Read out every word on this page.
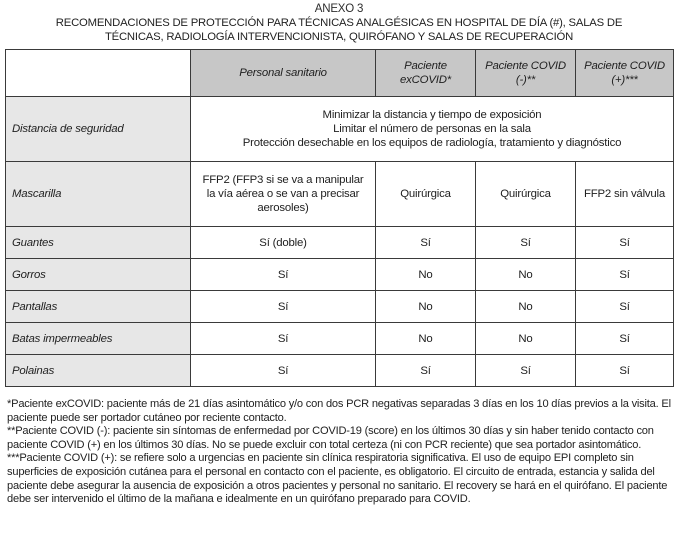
ANEXO 3
RECOMENDACIONES DE PROTECCIÓN PARA TÉCNICAS ANALGÉSICAS EN HOSPITAL DE DÍA (#), SALAS DE
TÉCNICAS, RADIOLOGÍA INTERVENCIONISTA, QUIRÓFANO Y SALAS DE RECUPERACIÓN
	Personal sanitario	Paciente exCOVID*	Paciente COVID (-)**	Paciente COVID (+)***
Distancia de seguridad	Minimizar la distancia y tiempo de exposición
Limitar el número de personas en la sala
Protección desechable en los equipos de radiología, tratamiento y diagnóstico			

Mascarilla	FFP2 (FFP3 si se va a manipular la vía aérea o se van a precisar aerosoles)	Quirúrgica	Quirúrgica	FFP2 sin válvula
Guantes	Sí (doble)	Sí	Sí	Sí
Gorros	Sí	No	No	Sí
Pantallas	Sí	No	No	Sí
Batas impermeables	Sí	No	No	Sí
Polainas	Sí	Sí	Sí	Sí

*Paciente exCOVID: paciente más de 21 días asintomático y/o con dos PCR negativas separadas 3 días en los 10 días previos a la visita. El paciente puede ser portador cutáneo por reciente contacto.

**Paciente COVID (-): paciente sin síntomas de enfermedad por COVID-19 (score) en los últimos 30 días y sin haber tenido contacto con paciente COVID (+) en los últimos 30 días. No se puede excluir con total certeza (ni con PCR reciente) que sea portador asintomático.

***Paciente COVID (+): se refiere solo a urgencias en paciente sin clínica respiratoria significativa. El uso de equipo EPI completo sin superficies de exposición cutánea para el personal en contacto con el paciente, es obligatorio. El circuito de entrada, estancia y salida del paciente debe asegurar la ausencia de exposición a otros pacientes y personal no sanitario. El recovery se hará en el quirófano. El paciente debe ser intervenido el último de la mañana e idealmente en un quirófano preparado para COVID.
